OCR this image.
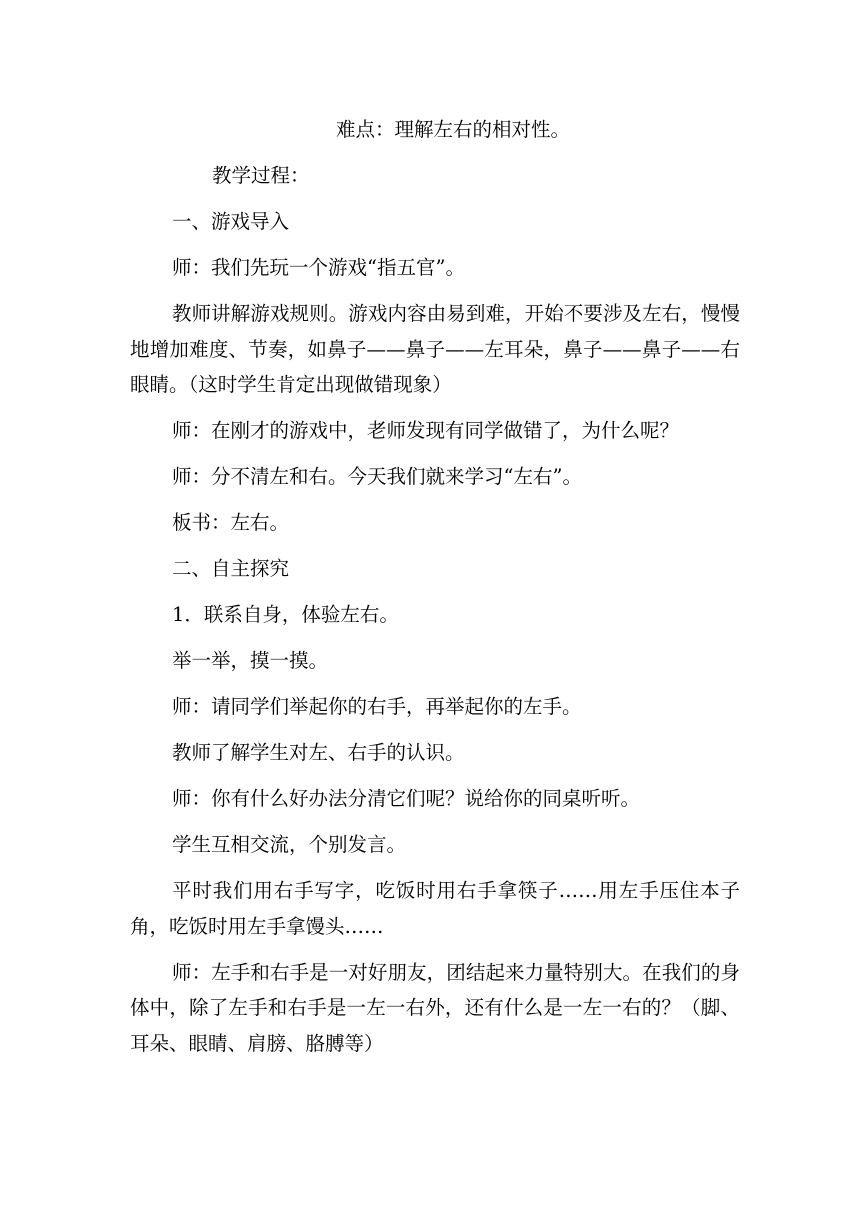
难点：理解左右的相对性。

教学过程：

一、游戏导入

师：我们先玩一个游戏“指五官”。

教师讲解游戏规则。游戏内容由易到难，开始不要涉及左右，慢慢地增加难度、节奏，如鼻子——鼻子——左耳朵，鼻子——鼻子——右眼睛。（这时学生肯定出现做错现象）

师：在刚才的游戏中，老师发现有同学做错了，为什么呢？

师：分不清左和右。今天我们就来学习“左右”。

板书：左右。

二、自主探究

1．联系自身，体验左右。

举一举，摸一摸。

师：请同学们举起你的右手，再举起你的左手。

教师了解学生对左、右手的认识。

师：你有什么好办法分清它们呢？说给你的同桌听听。

学生互相交流，个别发言。

平时我们用右手写字，吃饭时用右手拿筷子……用左手压住本子角，吃饭时用左手拿馒头……

师：左手和右手是一对好朋友，团结起来力量特别大。在我们的身体中，除了左手和右手是一左一右外，还有什么是一左一右的？（脚、耳朵、眼睛、肩膀、胳膊等）
